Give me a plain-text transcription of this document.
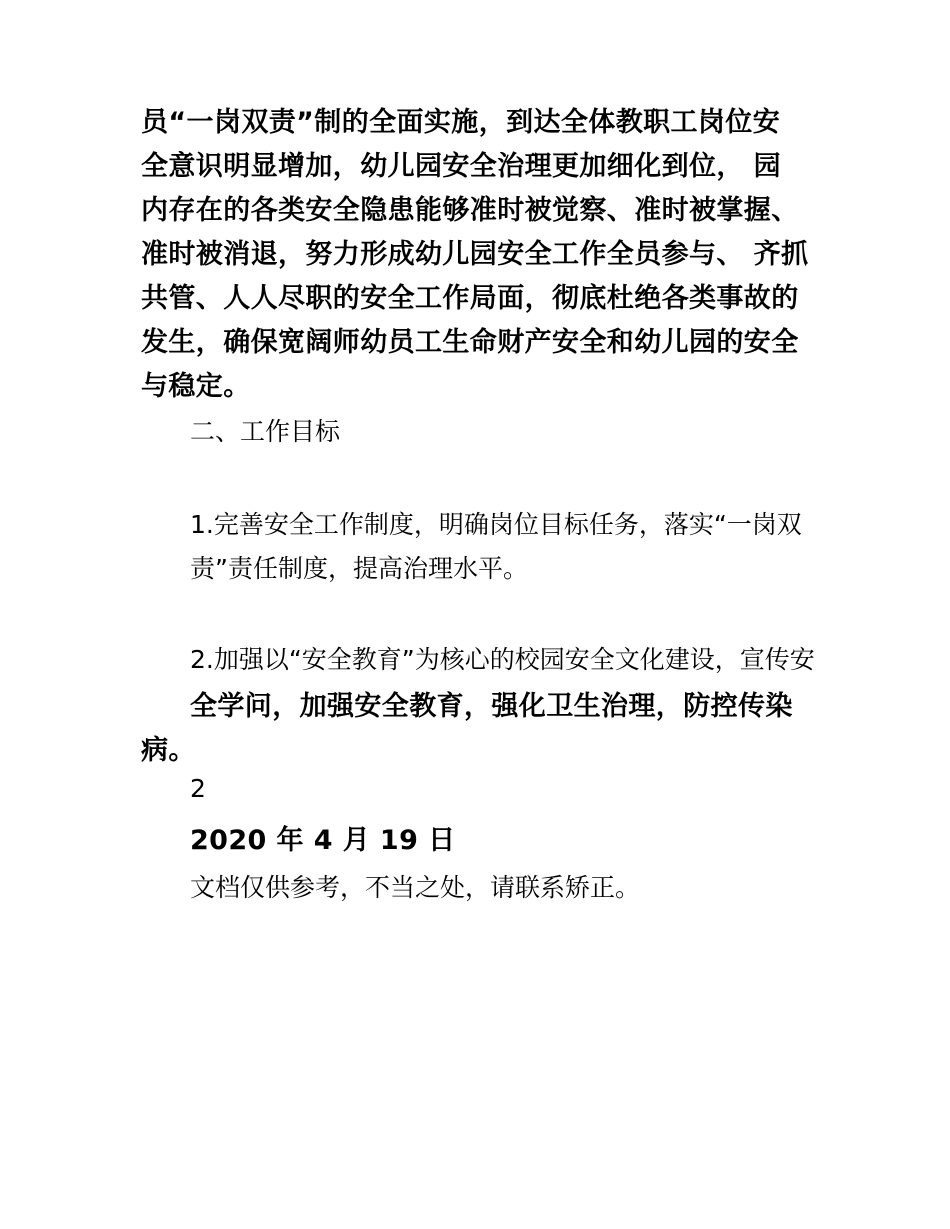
员“一岗双责”制的全面实施，到达全体教职工岗位安
全意识明显增加，幼儿园安全治理更加细化到位， 园
内存在的各类安全隐患能够准时被觉察、准时被掌握、
准时被消退，努力形成幼儿园安全工作全员参与、 齐抓
共管、人人尽职的安全工作局面，彻底杜绝各类事故的
发生，确保宽阔师幼员工生命财产安全和幼儿园的安全
与稳定。
二、工作目标
1.完善安全工作制度，明确岗位目标任务，落实“一岗双
责”责任制度，提高治理水平。
2.加强以“安全教育”为核心的校园安全文化建设，宣传安
全学问，加强安全教育，强化卫生治理，防控传染
病。
2
2020 年 4 月 19 日
文档仅供参考，不当之处，请联系矫正。
